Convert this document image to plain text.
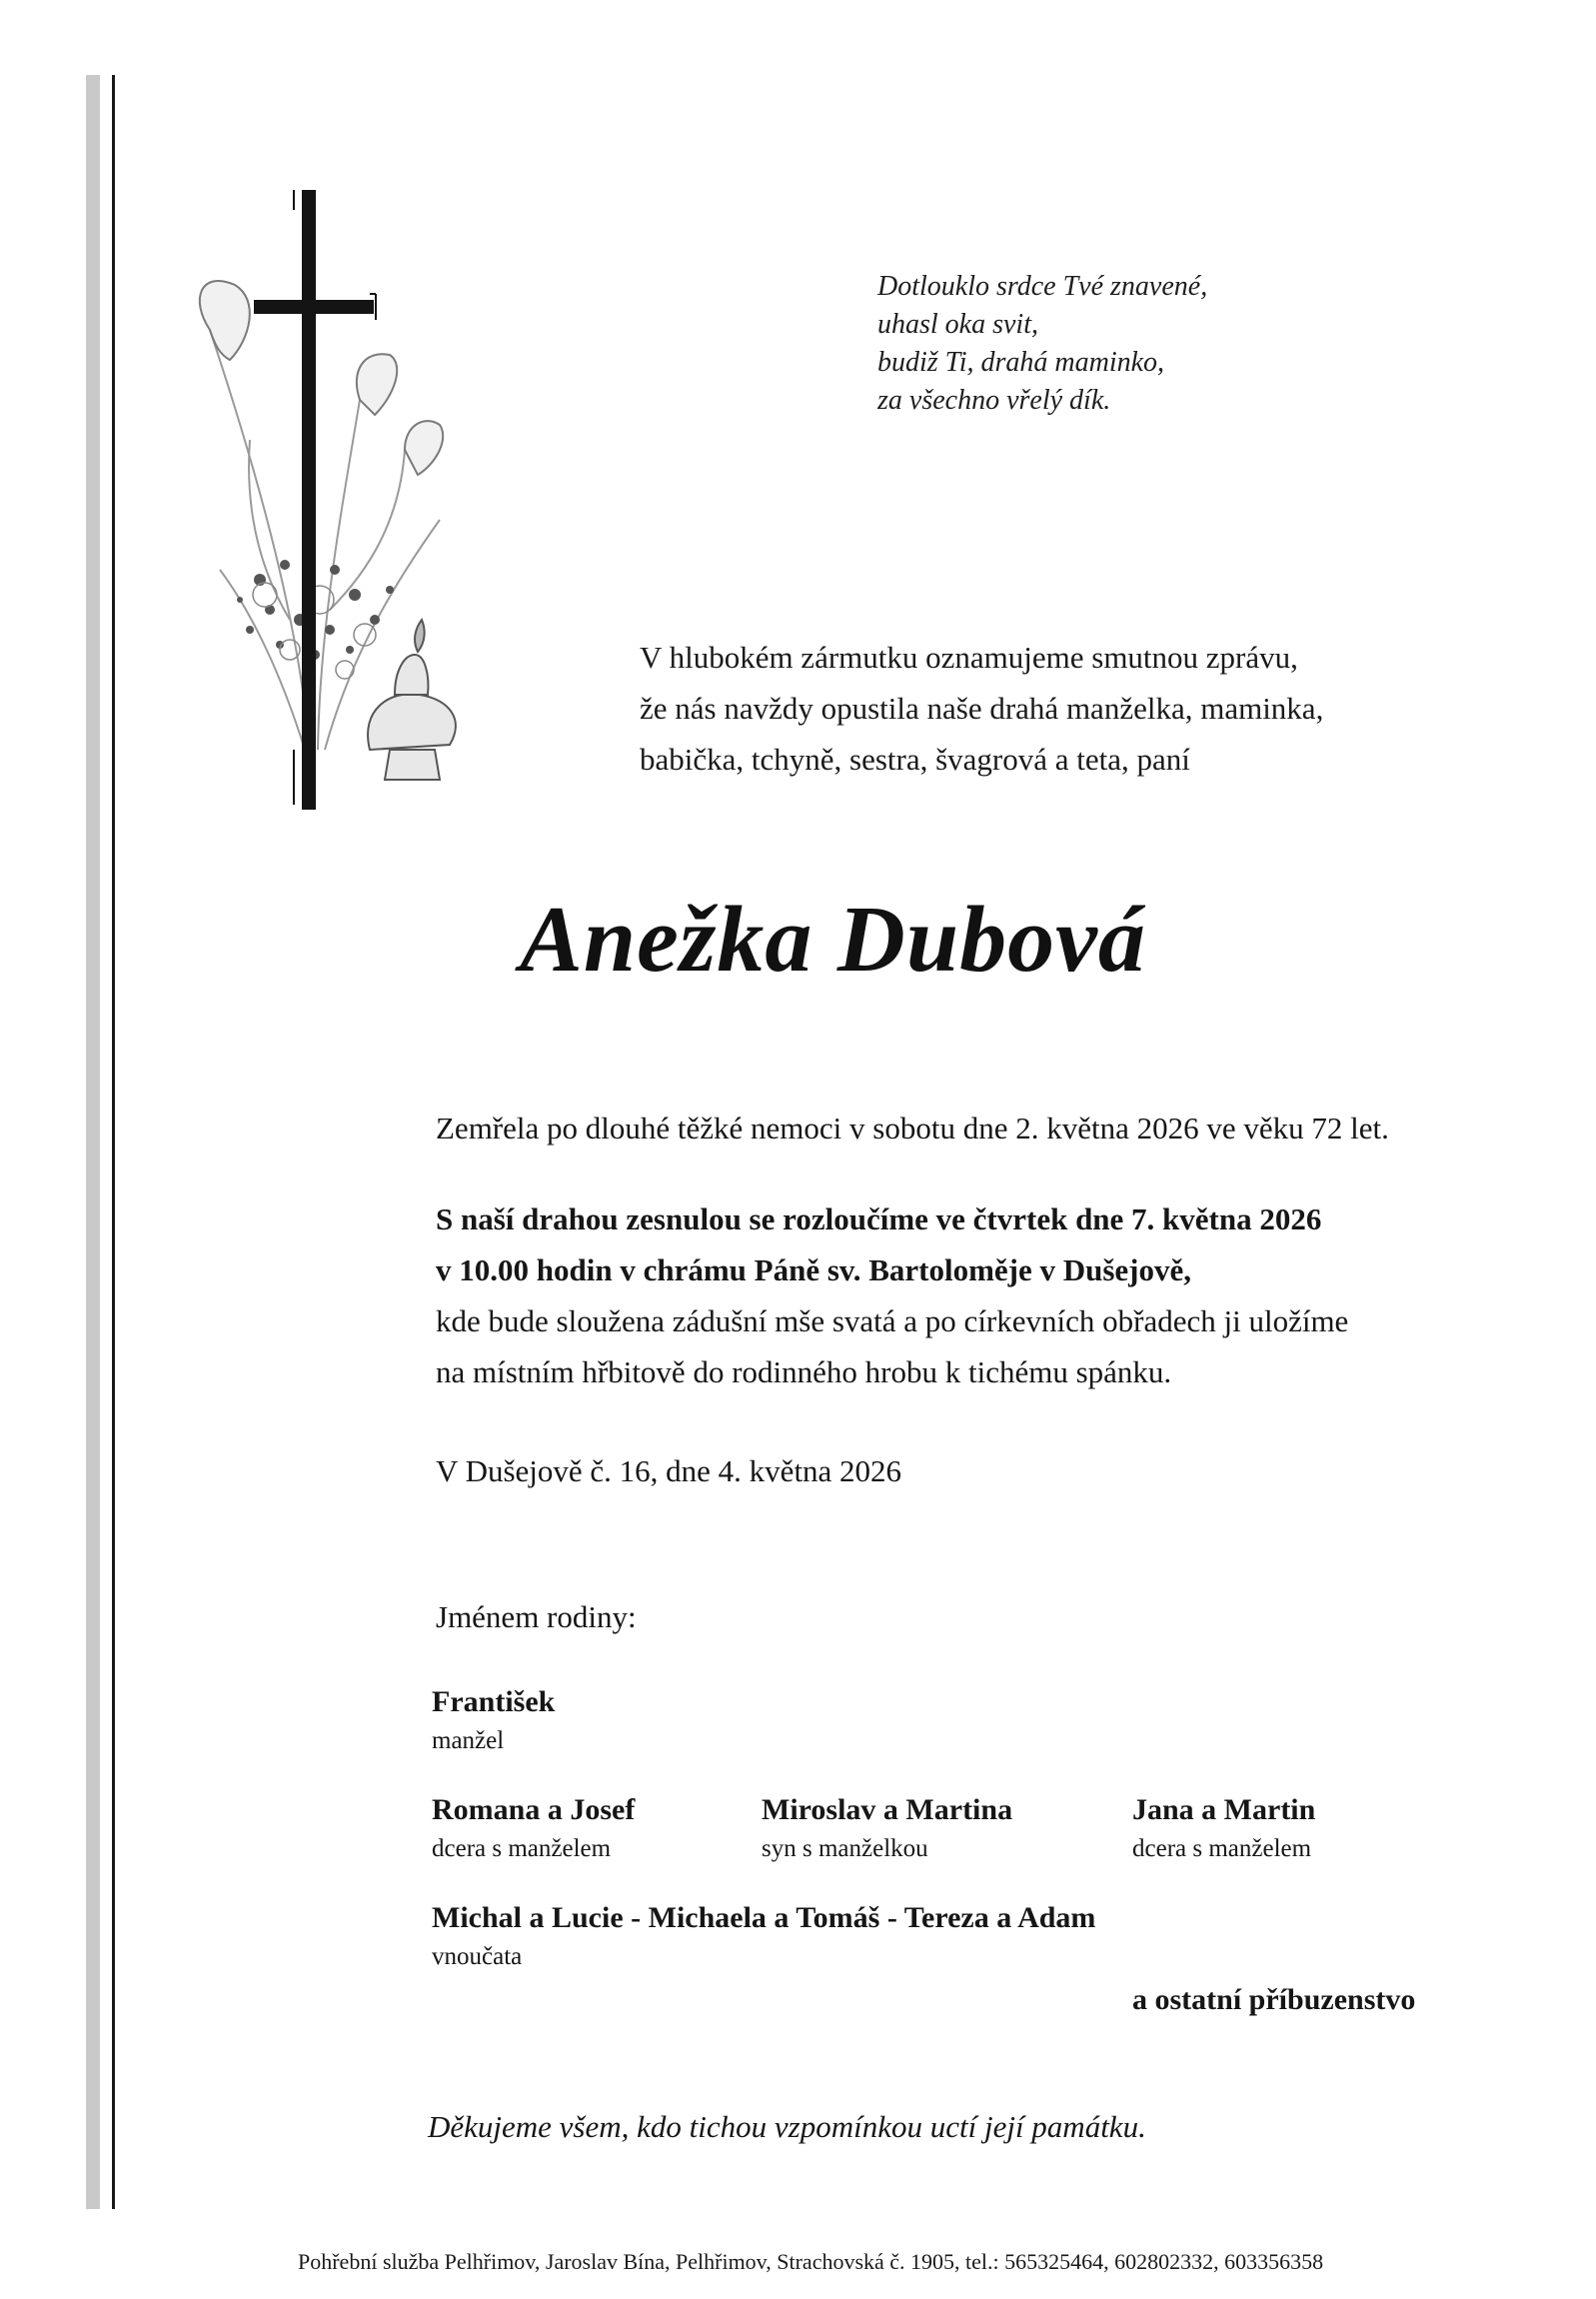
Dotlouklo srdce Tvé znavené,
uhasl oka svit,
budiž Ti, drahá maminko,
za všechno vřelý dík.
V hlubokém zármutku oznamujeme smutnou zprávu,
že nás navždy opustila naše drahá manželka, maminka,
babička, tchyně, sestra, švagrová a teta, paní
Anežka Dubová
Zemřela po dlouhé těžké nemoci v sobotu dne 2. května 2026 ve věku 72 let.
S naší drahou zesnulou se rozloučíme ve čtvrtek dne 7. května 2026
v 10.00 hodin v chrámu Páně sv. Bartoloměje v Dušejově,
kde bude sloužena zádušní mše svatá a po církevních obřadech ji uložíme
na místním hřbitově do rodinného hrobu k tichému spánku.
V Dušejově č. 16, dne 4. května 2026
Jménem rodiny:
František
manžel
Romana a Josef
dcera s manželem
Miroslav a Martina
syn s manželkou
Jana a Martin
dcera s manželem
Michal a Lucie - Michaela a Tomáš - Tereza a Adam
vnoučata
a ostatní příbuzenstvo
Děkujeme všem, kdo tichou vzpomínkou uctí její památku.
Pohřební služba Pelhřimov, Jaroslav Bína, Pelhřimov, Strachovská č. 1905, tel.: 565325464, 602802332, 603356358
